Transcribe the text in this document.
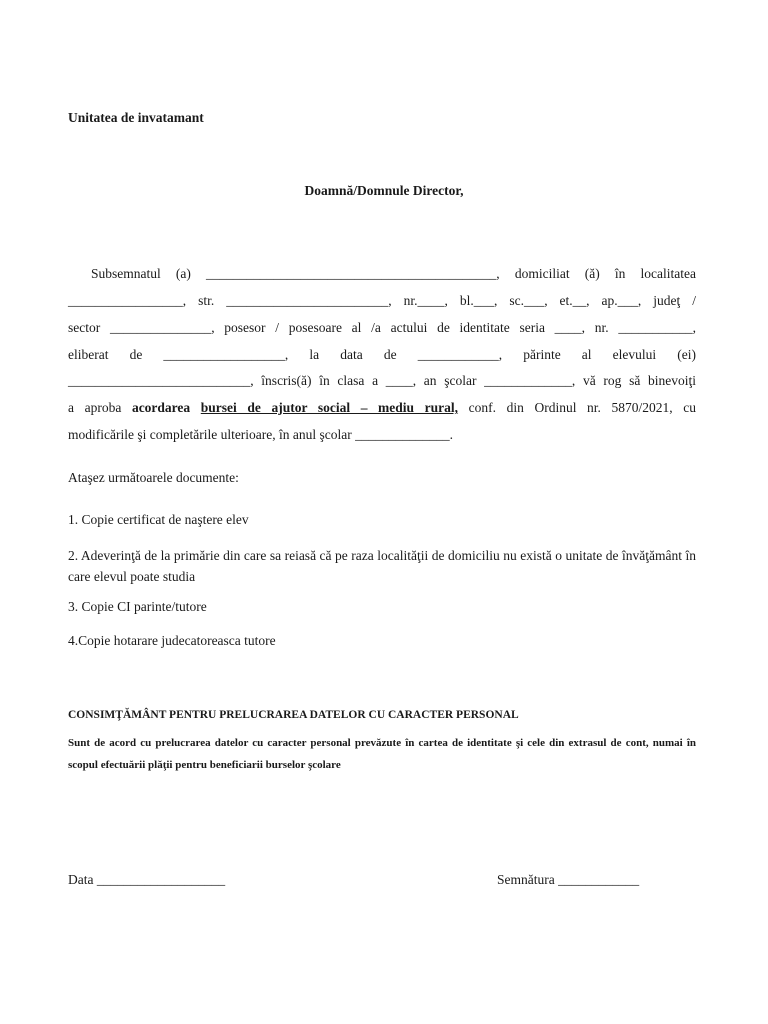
Unitatea de invatamant
Doamnă/Domnule Director,
Subsemnatul (a) ___________________________________________, domiciliat (ă) în localitatea
_________________, str. ________________________, nr.____, bl.___, sc.___, et.__, ap.___, judeţ /
sector _______________, posesor / posesoare al /a actului de identitate seria ____, nr. ___________,
eliberat de __________________, la data de ____________, părinte al elevului (ei)
___________________________, înscris(ă) în clasa a ____, an şcolar _____________, vă rog să binevoiţi
a aproba acordarea bursei de ajutor social – mediu rural, conf. din Ordinul nr. 5870/2021, cu
modificările şi completările ulterioare, în anul şcolar ______________.
Ataşez următoarele documente:
1. Copie certificat de naştere elev
2. Adeverinţă de la primărie din care sa reiasă că pe raza localităţii de domiciliu nu există o unitate de învăţământ în care elevul poate studia
3. Copie CI parinte/tutore
4.Copie hotarare judecatoreasca tutore
CONSIMŢĂMÂNT PENTRU PRELUCRAREA DATELOR CU CARACTER PERSONAL
Sunt de acord cu prelucrarea datelor cu caracter personal prevăzute în cartea de identitate şi cele din extrasul de cont, numai în scopul efectuării plăţii pentru beneficiarii burselor şcolare
Data ___________________	Semnătura ____________
